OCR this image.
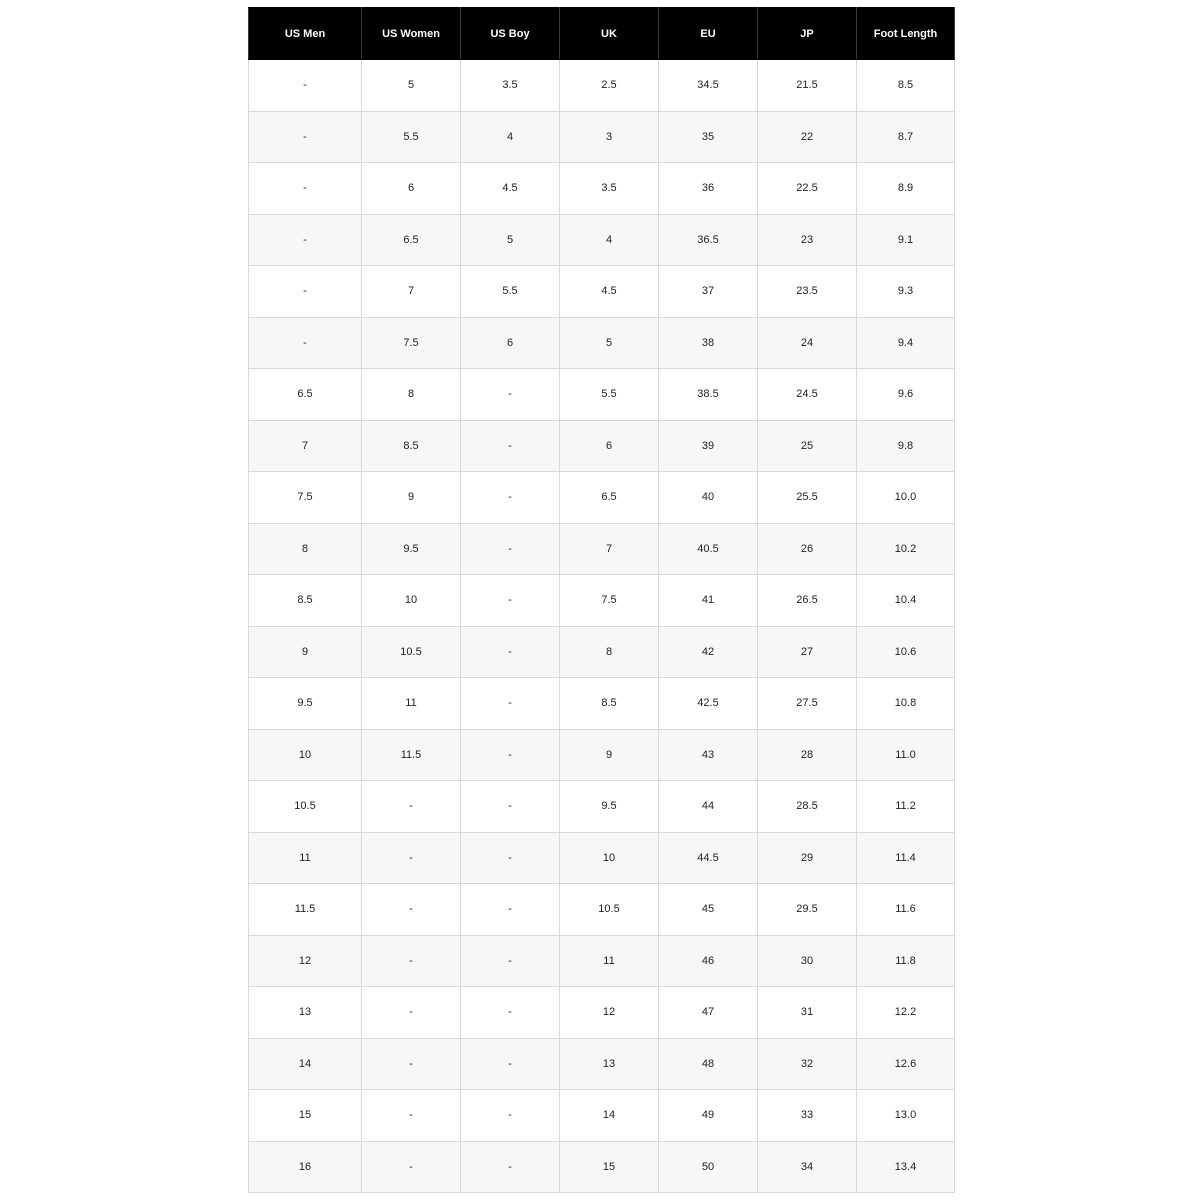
US Men	US Women	US Boy	UK	EU	JP	Foot Length
-	5	3.5	2.5	34.5	21.5	8.5
-	5.5	4	3	35	22	8.7
-	6	4.5	3.5	36	22.5	8.9
-	6.5	5	4	36.5	23	9.1
-	7	5.5	4.5	37	23.5	9.3
-	7.5	6	5	38	24	9.4
6.5	8	-	5.5	38.5	24.5	9.6
7	8.5	-	6	39	25	9.8
7.5	9	-	6.5	40	25.5	10.0
8	9.5	-	7	40.5	26	10.2
8.5	10	-	7.5	41	26.5	10.4
9	10.5	-	8	42	27	10.6
9.5	11	-	8.5	42.5	27.5	10.8
10	11.5	-	9	43	28	11.0
10.5	-	-	9.5	44	28.5	11.2
11	-	-	10	44.5	29	11.4
11.5	-	-	10.5	45	29.5	11.6
12	-	-	11	46	30	11.8
13	-	-	12	47	31	12.2
14	-	-	13	48	32	12.6
15	-	-	14	49	33	13.0
16	-	-	15	50	34	13.4
